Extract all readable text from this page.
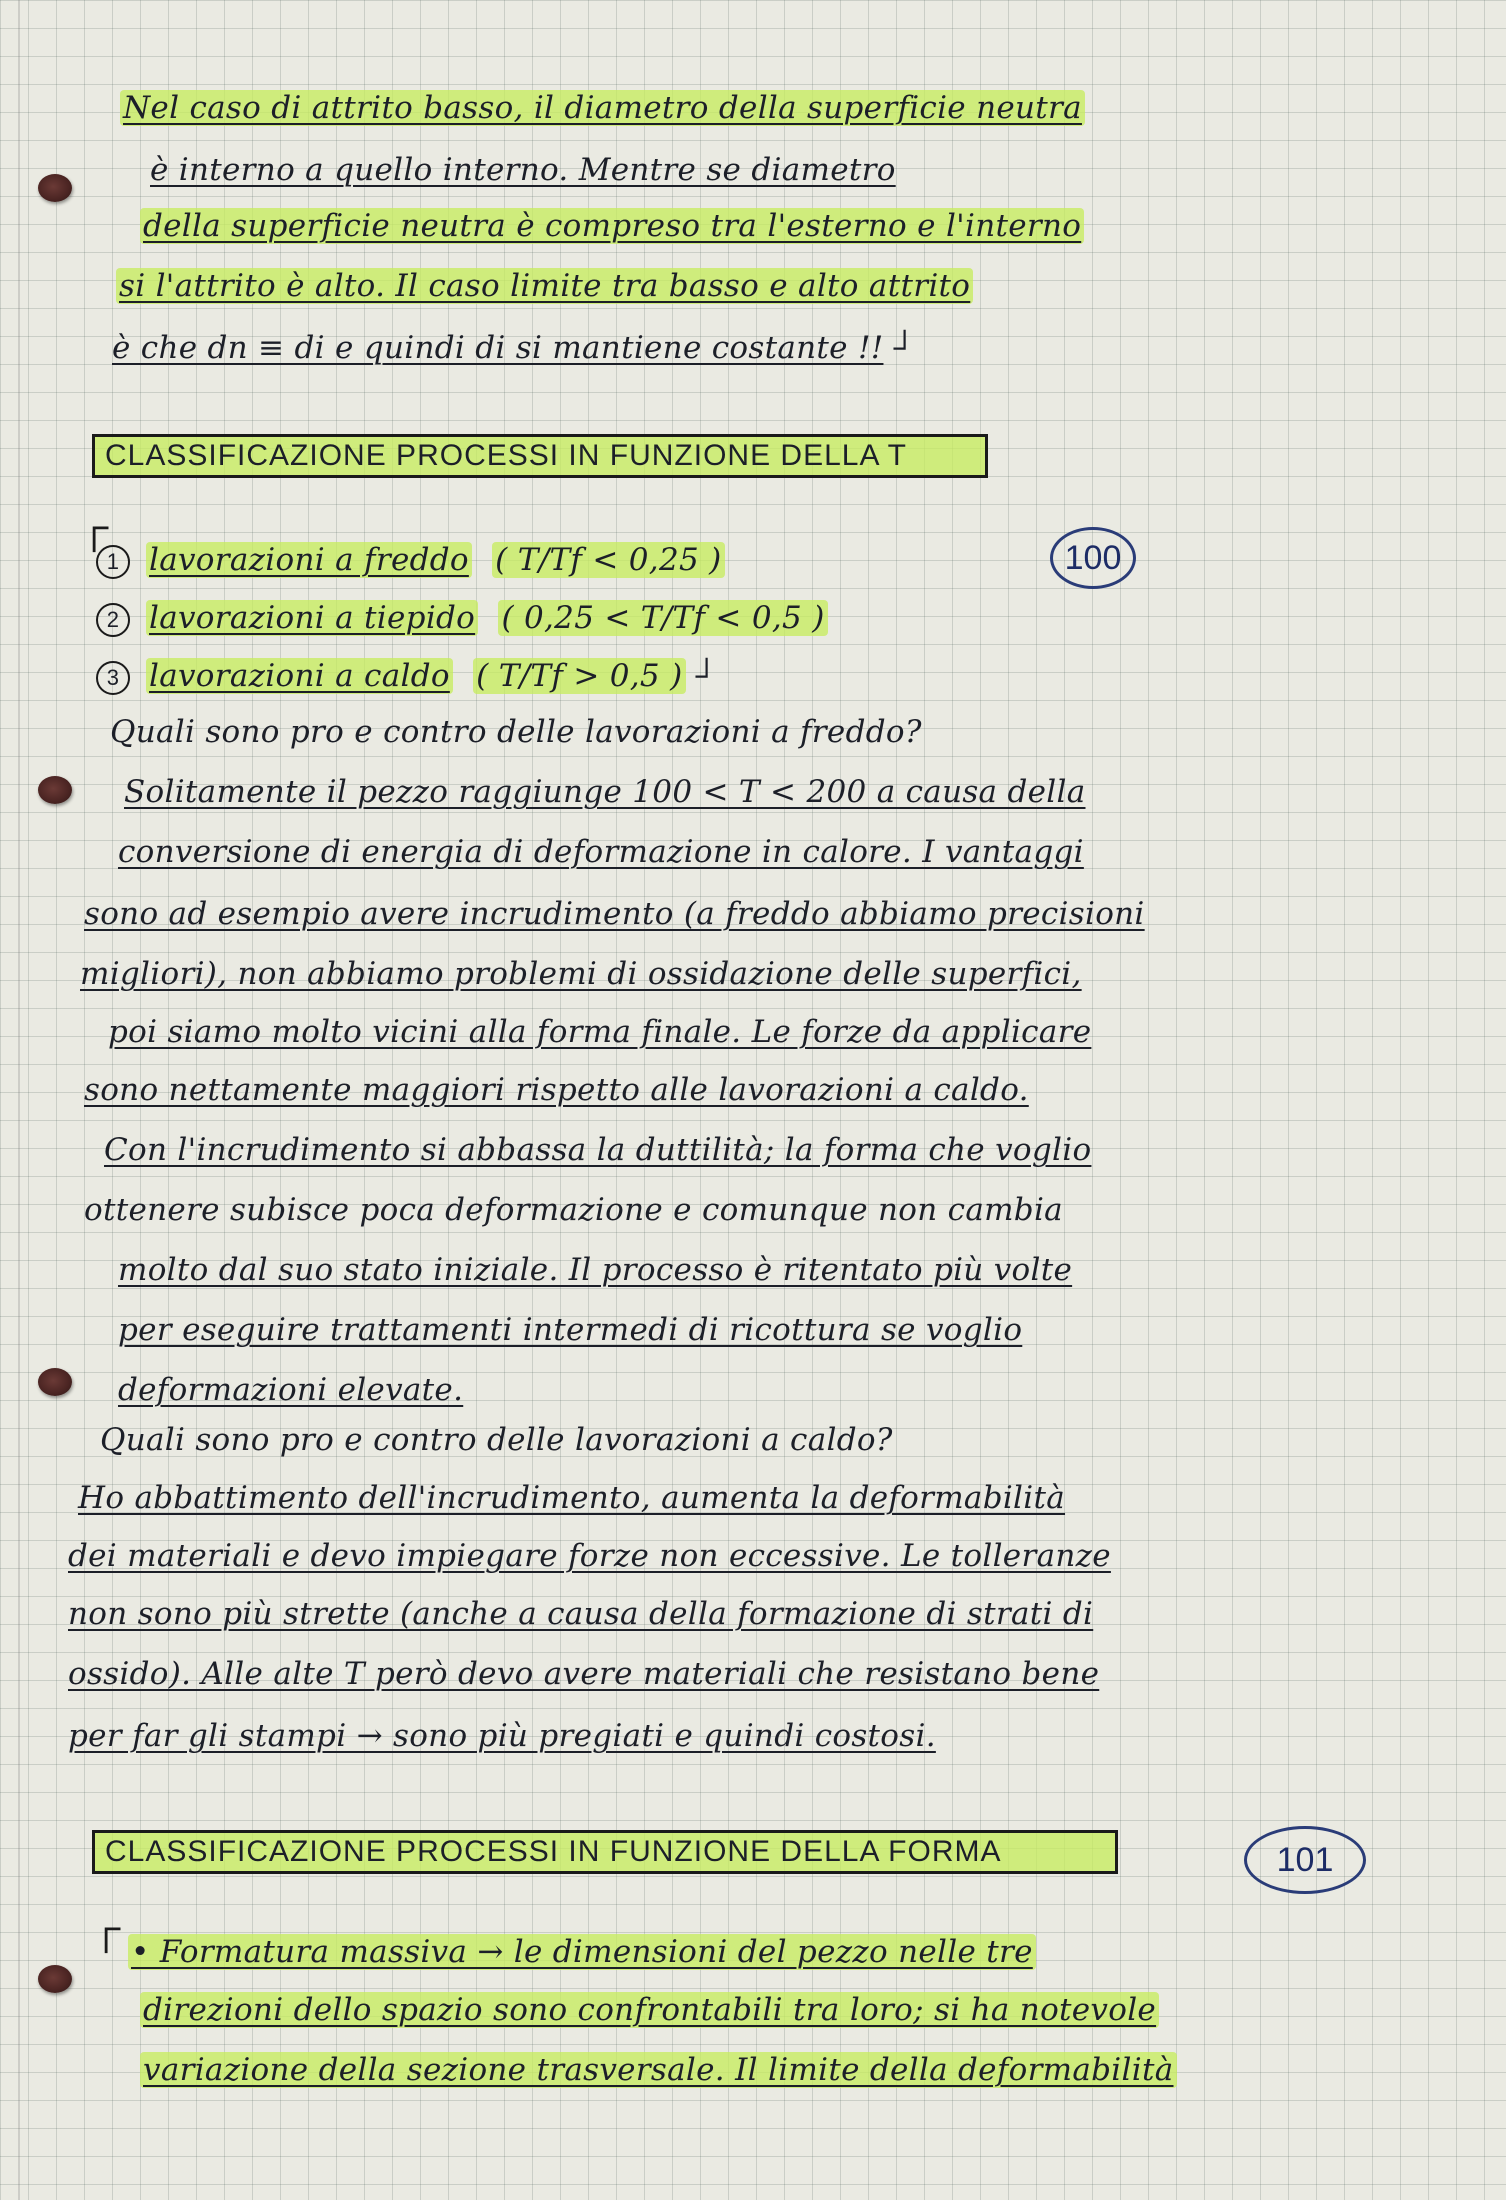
Nel caso di attrito basso, il diametro della superficie neutra
è interno a quello interno. Mentre se diametro
della superficie neutra è compreso tra l'esterno e l'interno
si l'attrito è alto. Il caso limite tra basso e alto attrito
è che dn ≡ di e quindi di si mantiene costante !! ┘
CLASSIFICAZIONE PROCESSI IN FUNZIONE DELLA T
100
┌
1 lavorazioni a freddo ( T/Tf < 0,25 )
2 lavorazioni a tiepido ( 0,25 < T/Tf < 0,5 )
3 lavorazioni a caldo ( T/Tf > 0,5 ) ┘
Quali sono pro e contro delle lavorazioni a freddo?
Solitamente il pezzo raggiunge 100 < T < 200 a causa della
conversione di energia di deformazione in calore. I vantaggi
sono ad esempio avere incrudimento (a freddo abbiamo precisioni
migliori), non abbiamo problemi di ossidazione delle superfici,
poi siamo molto vicini alla forma finale. Le forze da applicare
sono nettamente maggiori rispetto alle lavorazioni a caldo.
Con l'incrudimento si abbassa la duttilità; la forma che voglio
ottenere subisce poca deformazione e comunque non cambia
molto dal suo stato iniziale. Il processo è ritentato più volte
per eseguire trattamenti intermedi di ricottura se voglio
deformazioni elevate.
Quali sono pro e contro delle lavorazioni a caldo?
Ho abbattimento dell'incrudimento, aumenta la deformabilità
dei materiali e devo impiegare forze non eccessive. Le tolleranze
non sono più strette (anche a causa della formazione di strati di
ossido). Alle alte T però devo avere materiali che resistano bene
per far gli stampi → sono più pregiati e quindi costosi.
CLASSIFICAZIONE PROCESSI IN FUNZIONE DELLA FORMA	101
┌
• Formatura massiva → le dimensioni del pezzo nelle tre
direzioni dello spazio sono confrontabili tra loro; si ha notevole
variazione della sezione trasversale. Il limite della deformabilità
